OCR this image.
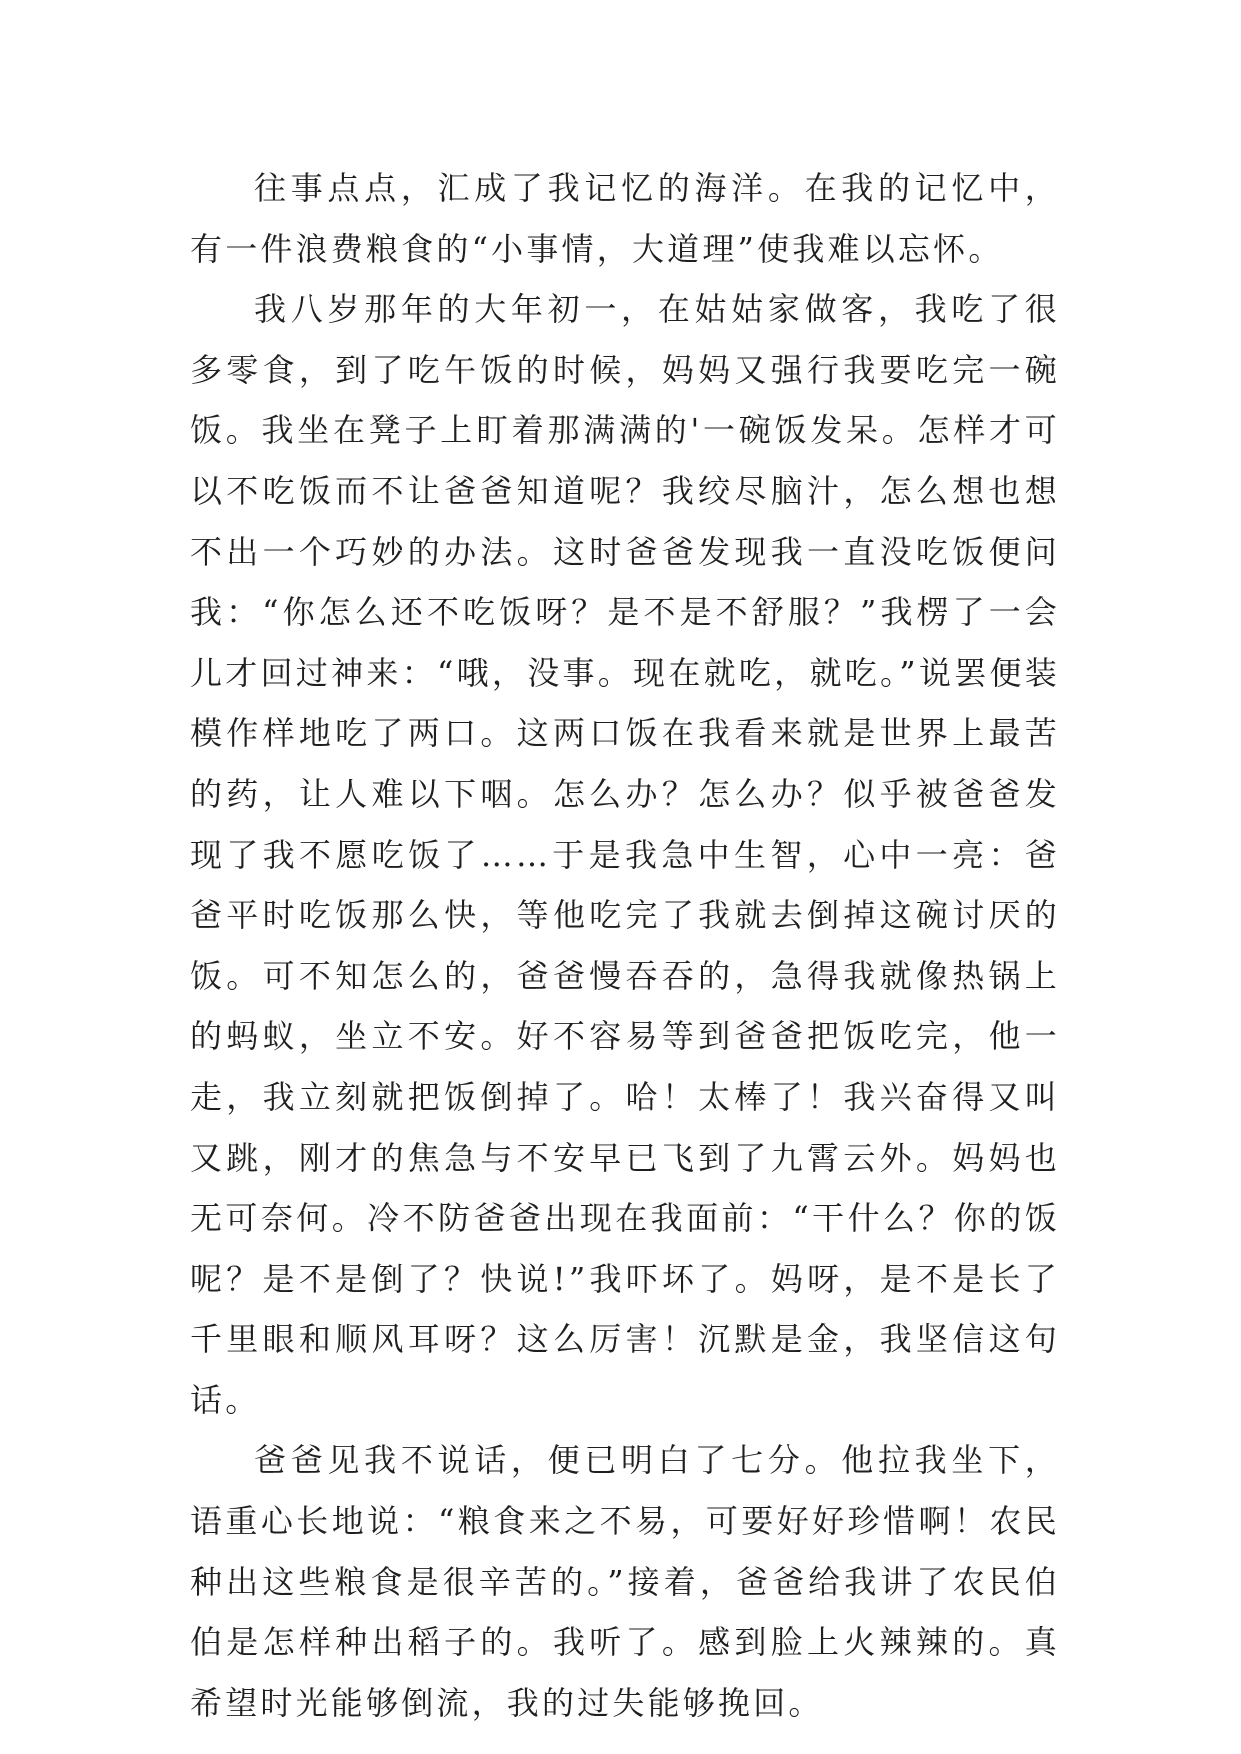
往事点点，汇成了我记忆的海洋。在我的记忆中，有一件浪费粮食的“小事情，大道理”使我难以忘怀。

我八岁那年的大年初一，在姑姑家做客，我吃了很多零食，到了吃午饭的时候，妈妈又强行我要吃完一碗饭。我坐在凳子上盯着那满满的'一碗饭发呆。怎样才可以不吃饭而不让爸爸知道呢？我绞尽脑汁，怎么想也想不出一个巧妙的办法。这时爸爸发现我一直没吃饭便问我：“你怎么还不吃饭呀？是不是不舒服？”我楞了一会儿才回过神来：“哦，没事。现在就吃，就吃。”说罢便装模作样地吃了两口。这两口饭在我看来就是世界上最苦的药，让人难以下咽。怎么办？怎么办？似乎被爸爸发现了我不愿吃饭了……于是我急中生智，心中一亮：爸爸平时吃饭那么快，等他吃完了我就去倒掉这碗讨厌的饭。可不知怎么的，爸爸慢吞吞的，急得我就像热锅上的蚂蚁，坐立不安。好不容易等到爸爸把饭吃完，他一走，我立刻就把饭倒掉了。哈！太棒了！我兴奋得又叫又跳，刚才的焦急与不安早已飞到了九霄云外。妈妈也无可奈何。冷不防爸爸出现在我面前：“干什么？你的饭呢？是不是倒了？快说!”我吓坏了。妈呀，是不是长了千里眼和顺风耳呀？这么厉害！沉默是金，我坚信这句话。

爸爸见我不说话，便已明白了七分。他拉我坐下，语重心长地说：“粮食来之不易，可要好好珍惜啊！农民种出这些粮食是很辛苦的。”接着，爸爸给我讲了农民伯伯是怎样种出稻子的。我听了。感到脸上火辣辣的。真希望时光能够倒流，我的过失能够挽回。
